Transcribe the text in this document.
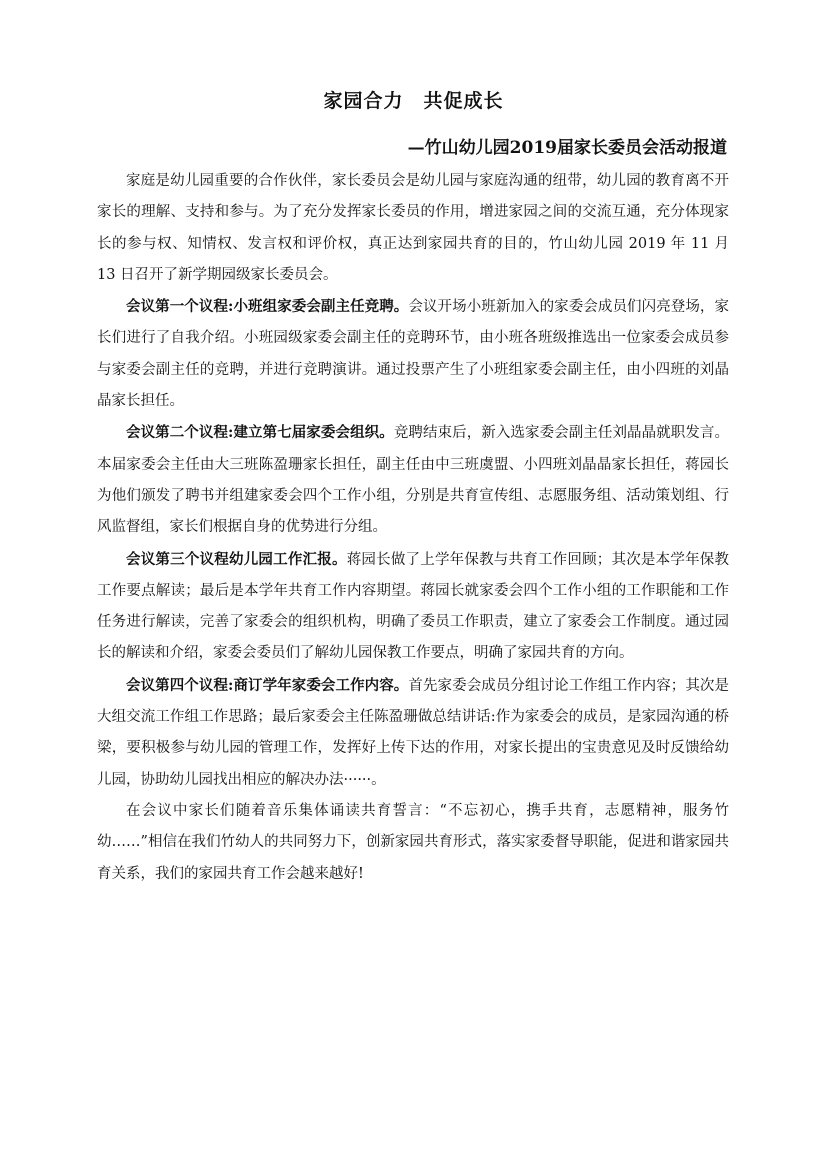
家园合力　共促成长
—竹山幼儿园2019届家长委员会活动报道

家庭是幼儿园重要的合作伙伴，家长委员会是幼儿园与家庭沟通的纽带，幼儿园的教育离不开家长的理解、支持和参与。为了充分发挥家长委员的作用，增进家园之间的交流互通，充分体现家长的参与权、知情权、发言权和评价权，真正达到家园共育的目的，竹山幼儿园 2019 年 11 月 13 日召开了新学期园级家长委员会。

会议第一个议程:小班组家委会副主任竞聘。会议开场小班新加入的家委会成员们闪亮登场，家长们进行了自我介绍。小班园级家委会副主任的竞聘环节，由小班各班级推选出一位家委会成员参与家委会副主任的竞聘，并进行竞聘演讲。通过投票产生了小班组家委会副主任，由小四班的刘晶晶家长担任。

会议第二个议程:建立第七届家委会组织。竞聘结束后，新入选家委会副主任刘晶晶就职发言。本届家委会主任由大三班陈盈珊家长担任，副主任由中三班虞盟、小四班刘晶晶家长担任，蒋园长为他们颁发了聘书并组建家委会四个工作小组，分别是共育宣传组、志愿服务组、活动策划组、行风监督组，家长们根据自身的优势进行分组。

会议第三个议程幼儿园工作汇报。蒋园长做了上学年保教与共育工作回顾；其次是本学年保教工作要点解读；最后是本学年共育工作内容期望。蒋园长就家委会四个工作小组的工作职能和工作任务进行解读，完善了家委会的组织机构，明确了委员工作职责，建立了家委会工作制度。通过园长的解读和介绍，家委会委员们了解幼儿园保教工作要点，明确了家园共育的方向。

会议第四个议程:商订学年家委会工作内容。首先家委会成员分组讨论工作组工作内容；其次是大组交流工作组工作思路；最后家委会主任陈盈珊做总结讲话:作为家委会的成员，是家园沟通的桥梁，要积极参与幼儿园的管理工作，发挥好上传下达的作用，对家长提出的宝贵意见及时反馈给幼儿园，协助幼儿园找出相应的解决办法······。

在会议中家长们随着音乐集体诵读共育誓言：“不忘初心，携手共育，志愿精神，服务竹幼……”相信在我们竹幼人的共同努力下，创新家园共育形式，落实家委督导职能，促进和谐家园共育关系，我们的家园共育工作会越来越好!
